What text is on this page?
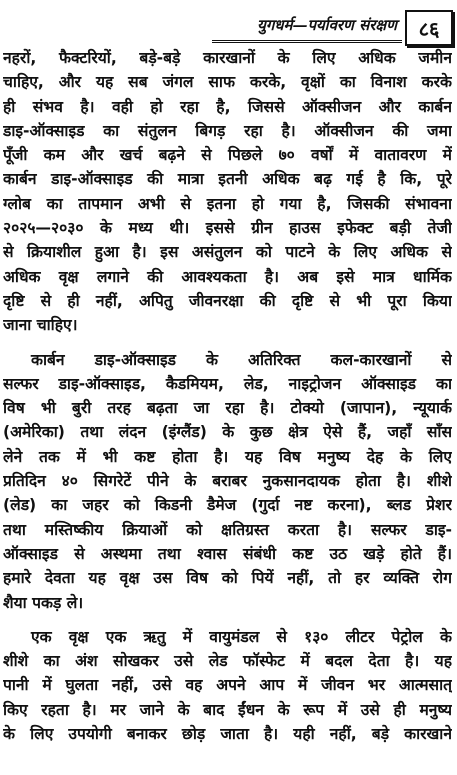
युगधर्म—पर्यावरण संरक्षण	८६
नहरों, फैक्टरियों, बड़े-बड़े कारखानों के लिए अधिक जमीन
चाहिए, और यह सब जंगल साफ करके, वृक्षों का विनाश करके
ही संभव है। वही हो रहा है, जिससे ऑक्सीजन और कार्बन
डाइ-ऑक्साइड का संतुलन बिगड़ रहा है। ऑक्सीजन की जमा
पूँजी कम और खर्च बढ़ने से पिछले ७० वर्षों में वातावरण में
कार्बन डाइ-ऑक्साइड की मात्रा इतनी अधिक बढ़ गई है कि, पूरे
ग्लोब का तापमान अभी से इतना हो गया है, जिसकी संभावना
२०२५—२०३० के मध्य थी। इससे ग्रीन हाउस इफेक्ट बड़ी तेजी
से क्रियाशील हुआ है। इस असंतुलन को पाटने के लिए अधिक से
अधिक वृक्ष लगाने की आवश्यकता है। अब इसे मात्र धार्मिक
दृष्टि से ही नहीं, अपितु जीवनरक्षा की दृष्टि से भी पूरा किया
जाना चाहिए।
कार्बन डाइ-ऑक्साइड के अतिरिक्त कल-कारखानों से
सल्फर डाइ-ऑक्साइड, कैडमियम, लेड, नाइट्रोजन ऑक्साइड का
विष भी बुरी तरह बढ़ता जा रहा है। टोक्यो (जापान), न्यूयार्क
(अमेरिका) तथा लंदन (इंग्लैंड) के कुछ क्षेत्र ऐसे हैं, जहाँ साँस
लेने तक में भी कष्ट होता है। यह विष मनुष्य देह के लिए
प्रतिदिन ४० सिगरेटें पीने के बराबर नुकसानदायक होता है। शीशे
(लेड) का जहर को किडनी डैमेज (गुर्दा नष्ट करना), ब्लड प्रेशर
तथा मस्तिष्कीय क्रियाओं को क्षतिग्रस्त करता है। सल्फर डाइ-
ऑक्साइड से अस्थमा तथा श्वास संबंधी कष्ट उठ खड़े होते हैं।
हमारे देवता यह वृक्ष उस विष को पियें नहीं, तो हर व्यक्ति रोग
शैया पकड़ ले।
एक वृक्ष एक ऋतु में वायुमंडल से १३० लीटर पेट्रोल के
शीशे का अंश सोखकर उसे लेड फॉस्फेट में बदल देता है। यह
पानी में घुलता नहीं, उसे वह अपने आप में जीवन भर आत्मसात्
किए रहता है। मर जाने के बाद ईंधन के रूप में उसे ही मनुष्य
के लिए उपयोगी बनाकर छोड़ जाता है। यही नहीं, बड़े कारखाने
